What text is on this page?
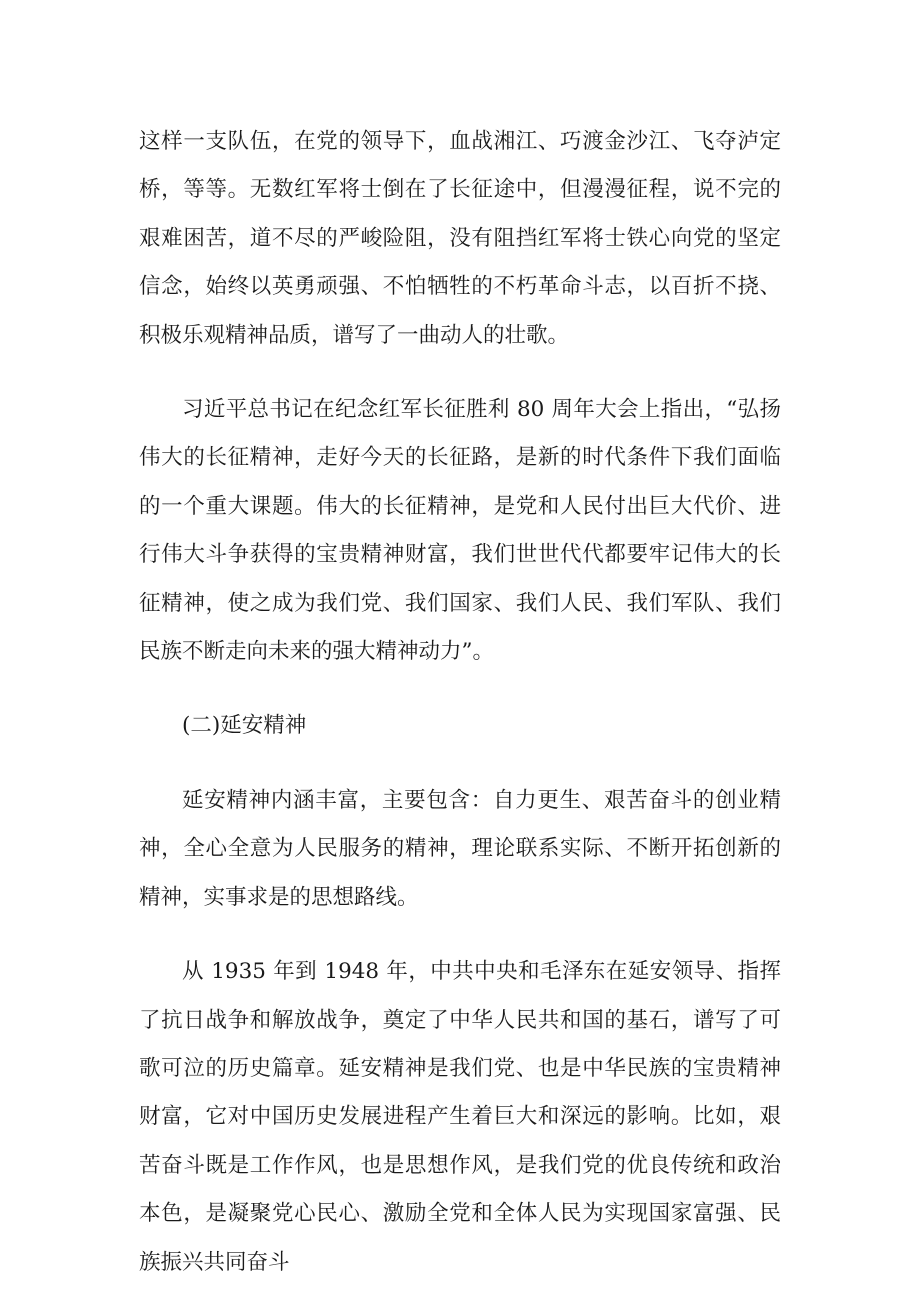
这样一支队伍，在党的领导下，血战湘江、巧渡金沙江、飞夺泸定桥，等等。无数红军将士倒在了长征途中，但漫漫征程，说不完的艰难困苦，道不尽的严峻险阻，没有阻挡红军将士铁心向党的坚定信念，始终以英勇顽强、不怕牺牲的不朽革命斗志，以百折不挠、积极乐观精神品质，谱写了一曲动人的壮歌。

习近平总书记在纪念红军长征胜利 80 周年大会上指出，“弘扬伟大的长征精神，走好今天的长征路，是新的时代条件下我们面临的一个重大课题。伟大的长征精神，是党和人民付出巨大代价、进行伟大斗争获得的宝贵精神财富，我们世世代代都要牢记伟大的长征精神，使之成为我们党、我们国家、我们人民、我们军队、我们民族不断走向未来的强大精神动力”。

(二)延安精神

延安精神内涵丰富，主要包含：自力更生、艰苦奋斗的创业精神，全心全意为人民服务的精神，理论联系实际、不断开拓创新的精神，实事求是的思想路线。

从 1935 年到 1948 年，中共中央和毛泽东在延安领导、指挥了抗日战争和解放战争，奠定了中华人民共和国的基石，谱写了可歌可泣的历史篇章。延安精神是我们党、也是中华民族的宝贵精神财富，它对中国历史发展进程产生着巨大和深远的影响。比如，艰苦奋斗既是工作作风，也是思想作风，是我们党的优良传统和政治本色，是凝聚党心民心、激励全党和全体人民为实现国家富强、民族振兴共同奋斗
